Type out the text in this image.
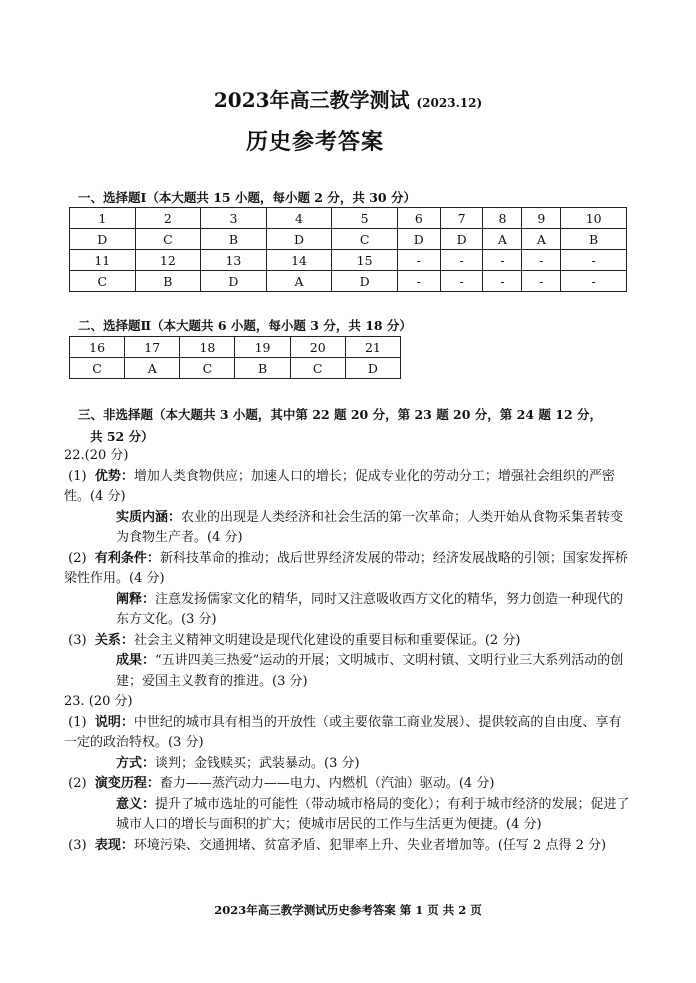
2023年高三教学测试 (2023.12)
历史参考答案
一、选择题Ⅰ（本大题共 15 小题，每小题 2 分，共 30 分）
1	2	3	4	5	6	7	8	9	10
D	C	B	D	C	D	D	A	A	B
11	12	13	14	15	-	-	-	-	-
C	B	D	A	D	-	-	-	-	-
二、选择题Ⅱ（本大题共 6 小题，每小题 3 分，共 18 分）
16	17	18	19	20	21
C	A	C	B	C	D
三、非选择题（本大题共 3 小题，其中第 22 题 20 分，第 23 题 20 分，第 24 题 12 分，
共 52 分）

22.(20 分)

(1) 优势：增加人类食物供应；加速人口的增长；促成专业化的劳动分工；增强社会组织的严密性。(4 分)

实质内涵：农业的出现是人类经济和社会生活的第一次革命；人类开始从食物采集者转变为食物生产者。(4 分)

(2) 有利条件：新科技革命的推动；战后世界经济发展的带动；经济发展战略的引领；国家发挥桥梁性作用。(4 分)

阐释：注意发扬儒家文化的精华，同时又注意吸收西方文化的精华，努力创造一种现代的东方文化。(3 分)

(3) 关系：社会主义精神文明建设是现代化建设的重要目标和重要保证。(2 分)

成果：“五讲四美三热爱”运动的开展；文明城市、文明村镇、文明行业三大系列活动的创建；爱国主义教育的推进。(3 分)

23. (20 分)

(1) 说明：中世纪的城市具有相当的开放性（或主要依靠工商业发展）、提供较高的自由度、享有一定的政治特权。(3 分)

方式：谈判；金钱赎买；武装暴动。(3 分)

(2) 演变历程：畜力——蒸汽动力——电力、内燃机（汽油）驱动。(4 分)

意义：提升了城市选址的可能性（带动城市格局的变化）；有利于城市经济的发展；促进了城市人口的增长与面积的扩大；使城市居民的工作与生活更为便捷。(4 分)

(3) 表现：环境污染、交通拥堵、贫富矛盾、犯罪率上升、失业者增加等。(任写 2 点得 2 分)

2023年高三教学测试历史参考答案 第 1 页 共 2 页
